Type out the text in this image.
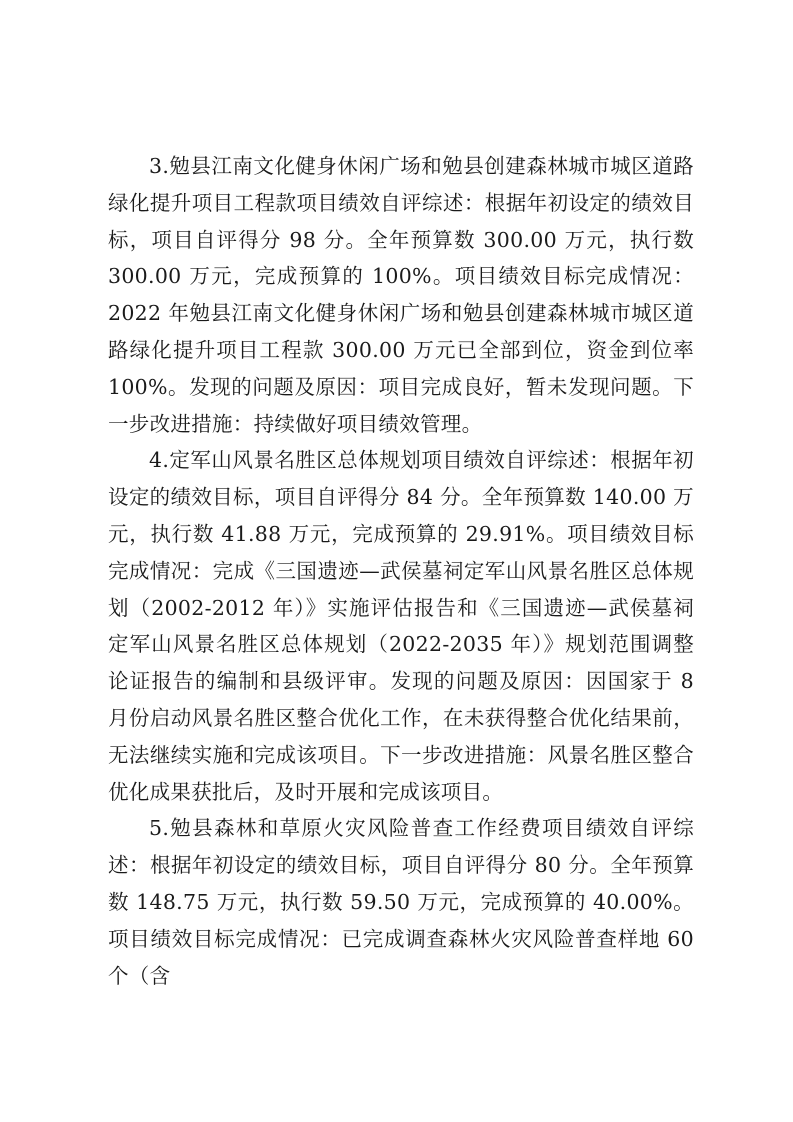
3.勉县江南文化健身休闲广场和勉县创建森林城市城区道路绿化提升项目工程款项目绩效自评综述：根据年初设定的绩效目标，项目自评得分 98 分。全年预算数 300.00 万元，执行数 300.00 万元，完成预算的 100%。项目绩效目标完成情况：2022 年勉县江南文化健身休闲广场和勉县创建森林城市城区道路绿化提升项目工程款 300.00 万元已全部到位，资金到位率 100%。发现的问题及原因：项目完成良好，暂未发现问题。下一步改进措施：持续做好项目绩效管理。

4.定军山风景名胜区总体规划项目绩效自评综述：根据年初设定的绩效目标，项目自评得分 84 分。全年预算数 140.00 万元，执行数 41.88 万元，完成预算的 29.91%。项目绩效目标完成情况：完成《三国遗迹—武侯墓祠定军山风景名胜区总体规划（2002-2012 年）》实施评估报告和《三国遗迹—武侯墓祠定军山风景名胜区总体规划（2022-2035 年）》规划范围调整论证报告的编制和县级评审。发现的问题及原因：因国家于 8 月份启动风景名胜区整合优化工作，在未获得整合优化结果前，无法继续实施和完成该项目。下一步改进措施：风景名胜区整合优化成果获批后，及时开展和完成该项目。

5.勉县森林和草原火灾风险普查工作经费项目绩效自评综述：根据年初设定的绩效目标，项目自评得分 80 分。全年预算数 148.75 万元，执行数 59.50 万元，完成预算的 40.00%。项目绩效目标完成情况：已完成调查森林火灾风险普查样地 60 个（含
